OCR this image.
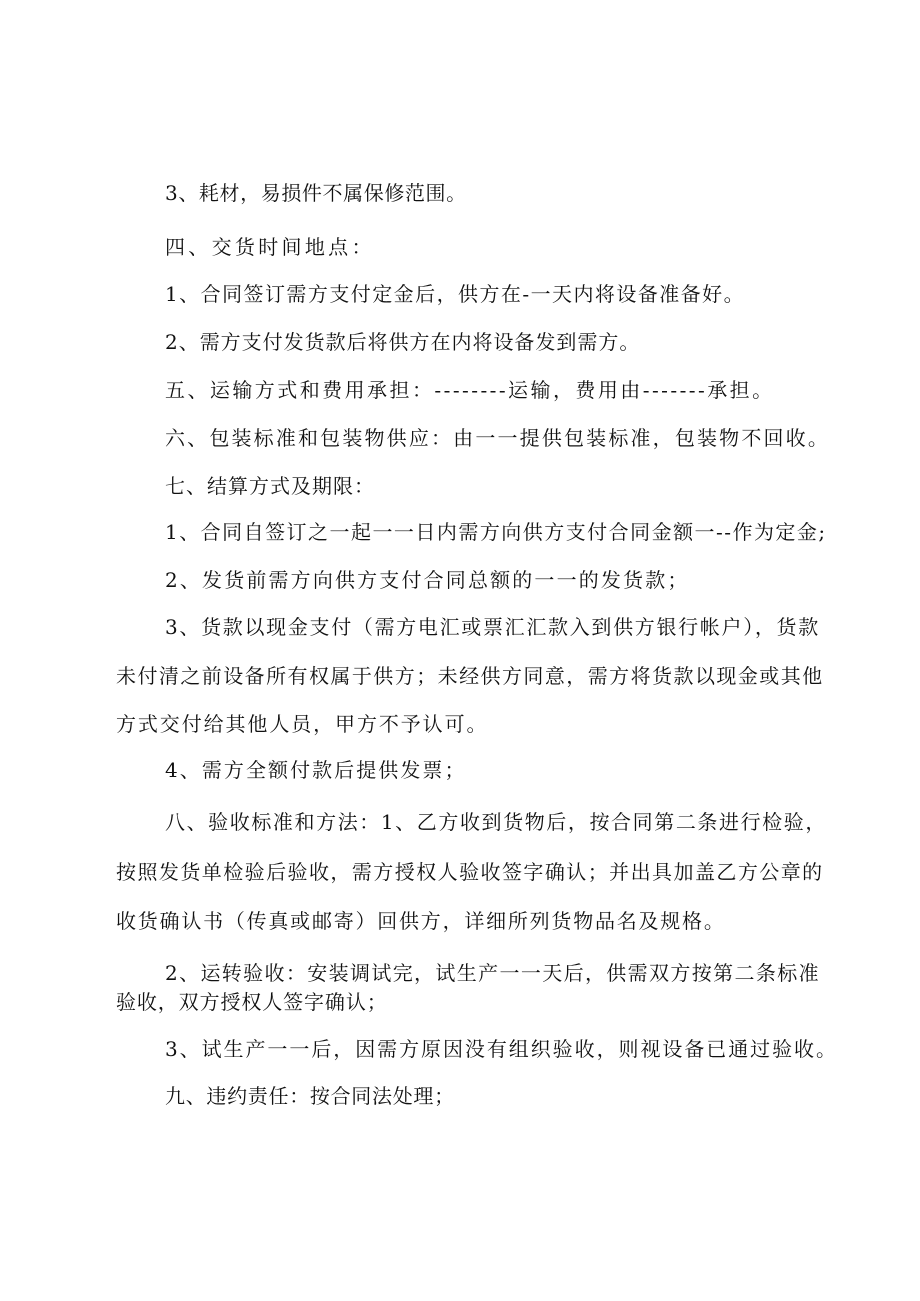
3、耗材，易损件不属保修范围。
四、交货时间地点：
1、合同签订需方支付定金后，供方在-一天内将设备准备好。
2、需方支付发货款后将供方在内将设备发到需方。
五、运输方式和费用承担：--------运输，费用由-------承担。
六、包装标准和包装物供应：由一一提供包装标准，包装物不回收。
七、结算方式及期限：
1、合同自签订之一起一一日内需方向供方支付合同金额一--作为定金;
2、发货前需方向供方支付合同总额的一一的发货款；
3、货款以现金支付（需方电汇或票汇汇款入到供方银行帐户），货款
未付清之前设备所有权属于供方；未经供方同意，需方将货款以现金或其他
方式交付给其他人员，甲方不予认可。
4、需方全额付款后提供发票；
八、验收标准和方法：1、乙方收到货物后，按合同第二条进行检验，
按照发货单检验后验收，需方授权人验收签字确认；并出具加盖乙方公章的
收货确认书（传真或邮寄）回供方，详细所列货物品名及规格。
2、运转验收：安装调试完，试生产一一天后，供需双方按第二条标准
验收，双方授权人签字确认；
3、试生产一一后，因需方原因没有组织验收，则视设备已通过验收。
九、违约责任：按合同法处理；
